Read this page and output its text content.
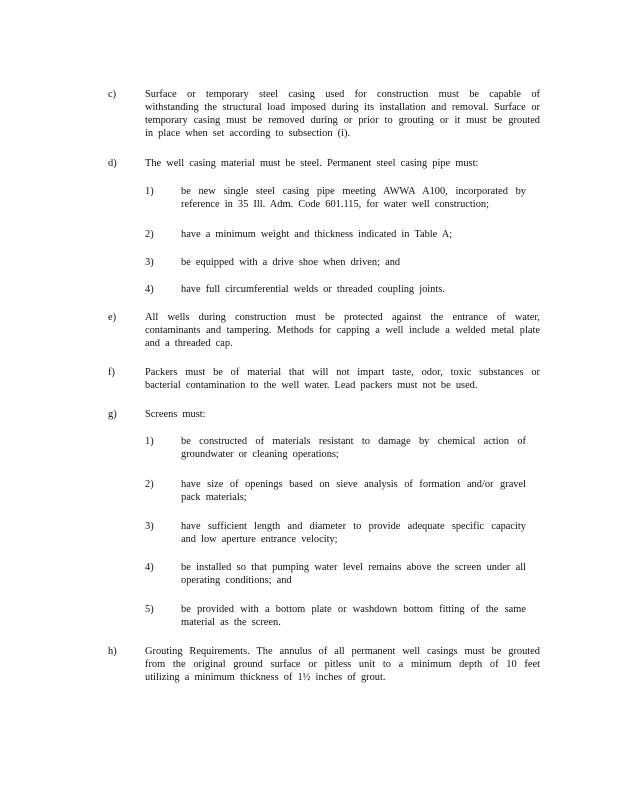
c)	Surface or temporary steel casing used for construction must be capable of withstanding the structural load imposed during its installation and removal. Surface or temporary casing must be removed during or prior to grouting or it must be grouted in place when set according to subsection (i).
d)	The well casing material must be steel. Permanent steel casing pipe must:
1)	be new single steel casing pipe meeting AWWA A100, incorporated by reference in 35 Ill. Adm. Code 601.115, for water well construction;
2)	have a minimum weight and thickness indicated in Table A;
3)	be equipped with a drive shoe when driven; and
4)	have full circumferential welds or threaded coupling joints.
e)	All wells during construction must be protected against the entrance of water, contaminants and tampering. Methods for capping a well include a welded metal plate and a threaded cap.
f)	Packers must be of material that will not impart taste, odor, toxic substances or bacterial contamination to the well water. Lead packers must not be used.
g)	Screens must:
1)	be constructed of materials resistant to damage by chemical action of groundwater or cleaning operations;
2)	have size of openings based on sieve analysis of formation and/or gravel pack materials;
3)	have sufficient length and diameter to provide adequate specific capacity and low aperture entrance velocity;
4)	be installed so that pumping water level remains above the screen under all operating conditions; and
5)	be provided with a bottom plate or washdown bottom fitting of the same material as the screen.
h)	Grouting Requirements. The annulus of all permanent well casings must be grouted from the original ground surface or pitless unit to a minimum depth of 10 feet utilizing a minimum thickness of 1½ inches of grout.
